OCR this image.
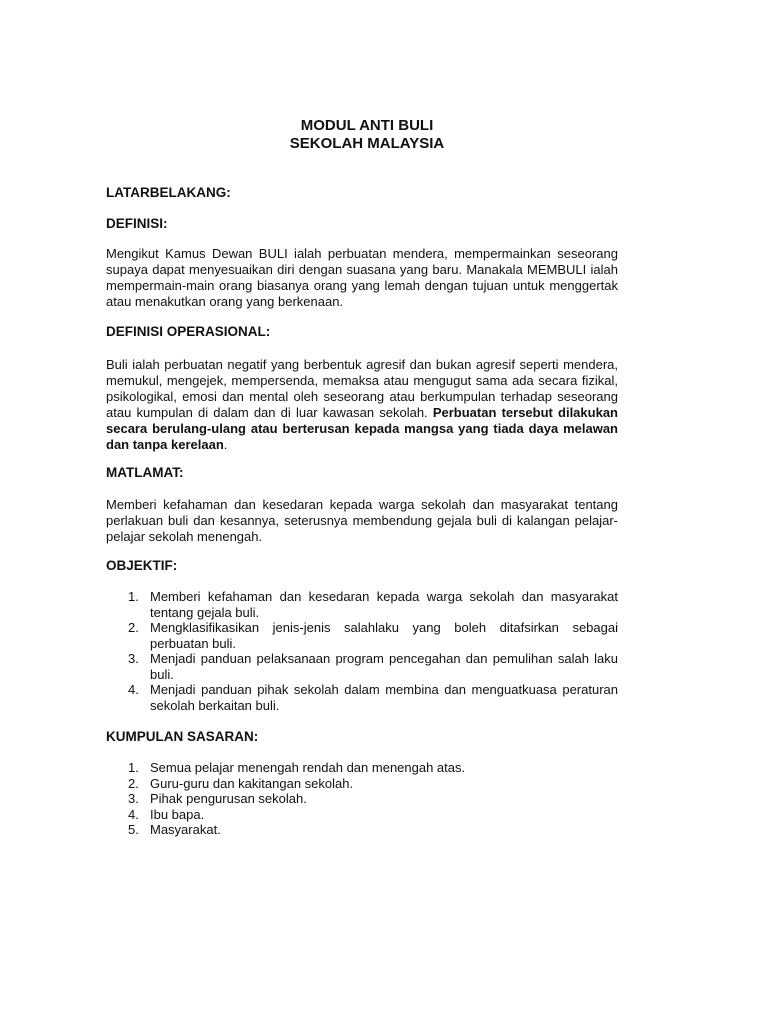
MODUL ANTI BULI
SEKOLAH MALAYSIA
LATARBELAKANG:
DEFINISI:
Mengikut Kamus Dewan BULI ialah perbuatan mendera, mempermainkan seseorang supaya dapat menyesuaikan diri dengan suasana yang baru. Manakala MEMBULI ialah mempermain-main orang biasanya orang yang lemah dengan tujuan untuk menggertak atau menakutkan orang yang berkenaan.
DEFINISI OPERASIONAL:
Buli ialah perbuatan negatif yang berbentuk agresif dan bukan agresif seperti mendera, memukul, mengejek, mempersenda, memaksa atau mengugut sama ada secara fizikal, psikologikal, emosi dan mental oleh seseorang atau berkumpulan terhadap seseorang atau kumpulan di dalam dan di luar kawasan sekolah. Perbuatan tersebut dilakukan secara berulang-ulang atau berterusan kepada mangsa yang tiada daya melawan dan tanpa kerelaan.
MATLAMAT:
Memberi kefahaman dan kesedaran kepada warga sekolah dan masyarakat tentang perlakuan buli dan kesannya, seterusnya membendung gejala buli di kalangan pelajar-pelajar sekolah menengah.
OBJEKTIF:
1. Memberi kefahaman dan kesedaran kepada warga sekolah dan masyarakat tentang gejala buli.
2. Mengklasifikasikan jenis-jenis salahlaku yang boleh ditafsirkan sebagai perbuatan buli.
3. Menjadi panduan pelaksanaan program pencegahan dan pemulihan salah laku buli.
4. Menjadi panduan pihak sekolah dalam membina dan menguatkuasa peraturan sekolah berkaitan buli.
KUMPULAN SASARAN:
1. Semua pelajar menengah rendah dan menengah atas.
2. Guru-guru dan kakitangan sekolah.
3. Pihak pengurusan sekolah.
4. Ibu bapa.
5. Masyarakat.
